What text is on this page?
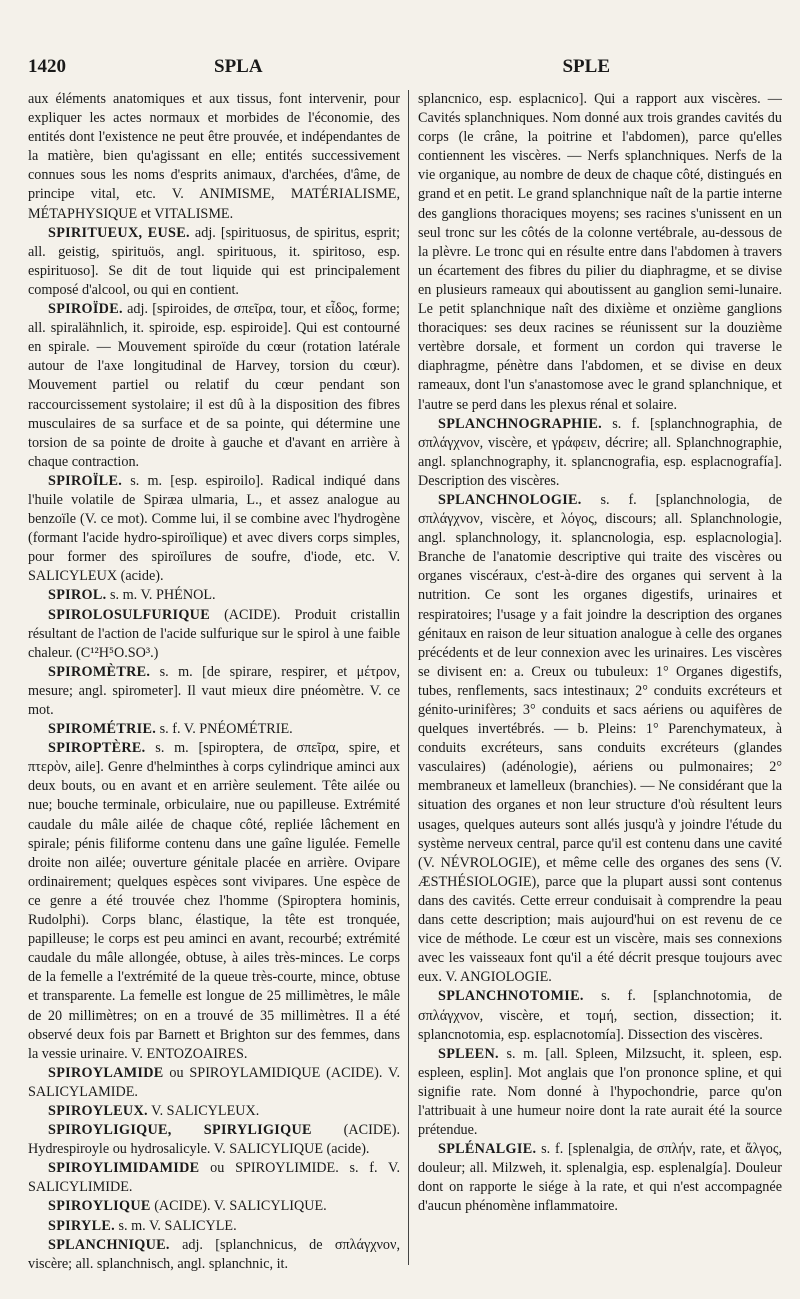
1420	SPLA	SPLE

aux éléments anatomiques et aux tissus, font intervenir, pour expliquer les actes normaux et morbides de l'économie, des entités dont l'existence ne peut être prouvée, et indépendantes de la matière, bien qu'agissant en elle; entités successivement connues sous les noms d'esprits animaux, d'archées, d'âme, de principe vital, etc. V. ANIMISME, MATÉRIALISME, MÉTAPHYSIQUE et VITALISME.

SPIRITUEUX, EUSE. adj. [spirituosus, de spiritus, esprit; all. geistig, spirituös, angl. spirituous, it. spiritoso, esp. espirituoso]. Se dit de tout liquide qui est principalement composé d'alcool, ou qui en contient.

SPIROÏDE. adj. [spiroides, de σπεῖρα, tour, et εἶδος, forme; all. spiralähnlich, it. spiroide, esp. espiroide]. Qui est contourné en spirale. — Mouvement spiroïde du cœur (rotation latérale autour de l'axe longitudinal de Harvey, torsion du cœur). Mouvement partiel ou relatif du cœur pendant son raccourcissement systolaire; il est dû à la disposition des fibres musculaires de sa surface et de sa pointe, qui détermine une torsion de sa pointe de droite à gauche et d'avant en arrière à chaque contraction.

SPIROÏLE. s. m. [esp. espiroilo]. Radical indiqué dans l'huile volatile de Spiræa ulmaria, L., et assez analogue au benzoïle (V. ce mot). Comme lui, il se combine avec l'hydrogène (formant l'acide hydro-spiroïlique) et avec divers corps simples, pour former des spiroïlures de soufre, d'iode, etc. V. SALICYLEUX (acide).

SPIROL. s. m. V. PHÉNOL.

SPIROLOSULFURIQUE (ACIDE). Produit cristallin résultant de l'action de l'acide sulfurique sur le spirol à une faible chaleur. (C¹²H⁵O.SO³.)

SPIROMÈTRE. s. m. [de spirare, respirer, et μέτρον, mesure; angl. spirometer]. Il vaut mieux dire pnéomètre. V. ce mot.

SPIROMÉTRIE. s. f. V. PNÉOMÉTRIE.

SPIROPTÈRE. s. m. [spiroptera, de σπεῖρα, spire, et πτερὸν, aile]. Genre d'helminthes à corps cylindrique aminci aux deux bouts, ou en avant et en arrière seulement. Tête ailée ou nue; bouche terminale, orbiculaire, nue ou papilleuse. Extrémité caudale du mâle ailée de chaque côté, repliée lâchement en spirale; pénis filiforme contenu dans une gaîne liguléе. Femelle droite non ailée; ouverture génitale placée en arrière. Ovipare ordinairement; quelques espèces sont vivipares. Une espèce de ce genre a été trouvée chez l'homme (Spiroptera hominis, Rudolphi). Corps blanc, élastique, la tête est tronquée, papilleuse; le corps est peu aminci en avant, recourbé; extrémité caudale du mâle allongée, obtuse, à ailes très-minces. Le corps de la femelle a l'extrémité de la queue très-courte, mince, obtuse et transparente. La femelle est longue de 25 millimètres, le mâle de 20 millimètres; on en a trouvé de 35 millimètres. Il a été observé deux fois par Barnett et Brighton sur des femmes, dans la vessie urinaire. V. ENTOZOAIRES.

SPIROYLAMIDE ou SPIROYLAMIDIQUE (ACIDE). V. SALICYLAMIDE.

SPIROYLEUX. V. SALICYLEUX.

SPIROYLIGIQUE, SPIRYLIGIQUE (ACIDE). Hydrespiroyle ou hydrosalicyle. V. SALICYLIQUE (acide).

SPIROYLIMIDAMIDE ou SPIROYLIMIDE. s. f. V. SALICYLIMIDE.

SPIROYLIQUE (ACIDE). V. SALICYLIQUE.

SPIRYLE. s. m. V. SALICYLE.

SPLANCHNIQUE. adj. [splanchnicus, de σπλάγχνον, viscère; all. splanchnisch, angl. splanchnic, it.

splancnico, esp. esplacnico]. Qui a rapport aux viscères. — Cavités splanchniques. Nom donné aux trois grandes cavités du corps (le crâne, la poitrine et l'abdomen), parce qu'elles contiennent les viscères. — Nerfs splanchniques. Nerfs de la vie organique, au nombre de deux de chaque côté, distingués en grand et en petit. Le grand splanchnique naît de la partie interne des ganglions thoraciques moyens; ses racines s'unissent en un seul tronc sur les côtés de la colonne vertébrale, au-dessous de la plèvre. Le tronc qui en résulte entre dans l'abdomen à travers un écartement des fibres du pilier du diaphragme, et se divise en plusieurs rameaux qui aboutissent au ganglion semi-lunaire. Le petit splanchnique naît des dixième et onzième ganglions thoraciques: ses deux racines se réunissent sur la douzième vertèbre dorsale, et forment un cordon qui traverse le diaphragme, pénètre dans l'abdomen, et se divise en deux rameaux, dont l'un s'anastomose avec le grand splanchnique, et l'autre se perd dans les plexus rénal et solaire.

SPLANCHNOGRAPHIE. s. f. [splanchnographia, de σπλάγχνον, viscère, et γράφειν, décrire; all. Splanchnographie, angl. splanchnography, it. splancnografia, esp. esplacnografía]. Description des viscères.

SPLANCHNOLOGIE. s. f. [splanchnologia, de σπλάγχνον, viscère, et λόγος, discours; all. Splanchnologie, angl. splanchnology, it. splancnologia, esp. esplacnologia]. Branche de l'anatomie descriptive qui traite des viscères ou organes viscéraux, c'est-à-dire des organes qui servent à la nutrition. Ce sont les organes digestifs, urinaires et respiratoires; l'usage y a fait joindre la description des organes génitaux en raison de leur situation analogue à celle des organes précédents et de leur connexion avec les urinaires. Les viscères se divisent en: a. Creux ou tubuleux: 1° Organes digestifs, tubes, renflements, sacs intestinaux; 2° conduits excréteurs et génito-urinifères; 3° conduits et sacs aériens ou aquifères de quelques invertébrés. — b. Pleins: 1° Parenchymateux, à conduits excréteurs, sans conduits excréteurs (glandes vasculaires) (adénologie), aériens ou pulmonaires; 2° membraneux et lamelleux (branchies). — Ne considérant que la situation des organes et non leur structure d'où résultent leurs usages, quelques auteurs sont allés jusqu'à y joindre l'étude du système nerveux central, parce qu'il est contenu dans une cavité (V. NÉVROLOGIE), et même celle des organes des sens (V. ÆSTHÉSIOLOGIE), parce que la plupart aussi sont contenus dans des cavités. Cette erreur conduisait à comprendre la peau dans cette description; mais aujourd'hui on est revenu de ce vice de méthode. Le cœur est un viscère, mais ses connexions avec les vaisseaux font qu'il a été décrit presque toujours avec eux. V. ANGIOLOGIE.

SPLANCHNOTOMIE. s. f. [splanchnotomia, de σπλάγχνον, viscère, et τομή, section, dissection; it. splancnotomia, esp. esplacnotomía]. Dissection des viscères.

SPLEEN. s. m. [all. Spleen, Milzsucht, it. spleen, esp. espleen, esplin]. Mot anglais que l'on prononce spline, et qui signifie rate. Nom donné à l'hypochondrie, parce qu'on l'attribuait à une humeur noire dont la rate aurait été la source prétendue.

SPLÉNALGIE. s. f. [splenalgia, de σπλήν, rate, et ἄλγος, douleur; all. Milzweh, it. splenalgia, esp. esplenalgía]. Douleur dont on rapporte le siége à la rate, et qui n'est accompagnée d'aucun phénomène inflammatoire.
